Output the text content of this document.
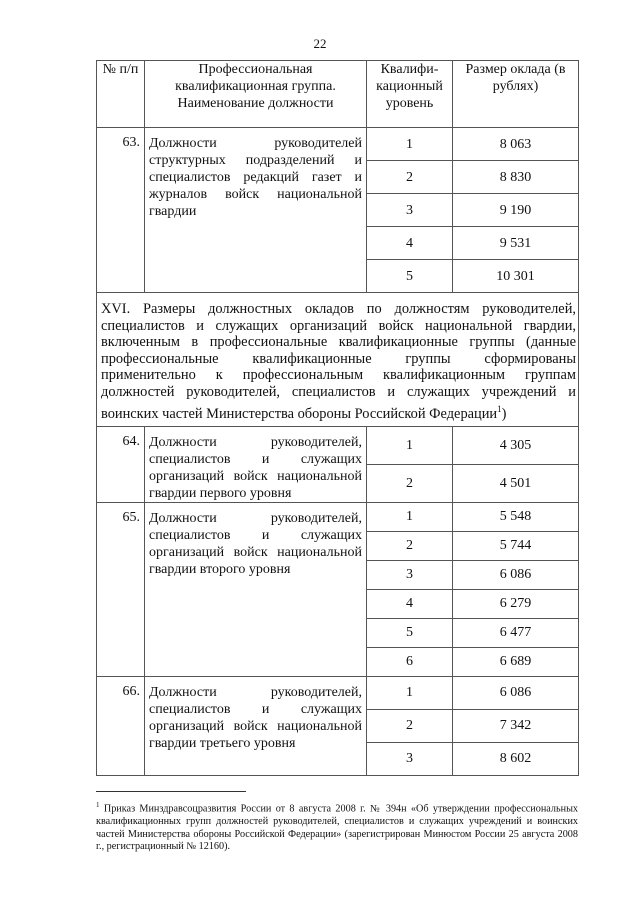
22
№ п/п	Профессиональная квалификационная группа. Наименование должности	Квалифи-кационный уровень	Размер оклада (в рублях)
63.	Должности руководителей структурных подразделений и специалистов редакций газет и журналов войск национальной гвардии	1	8 063
		2	8 830
		3	9 190
		4	9 531
		5	10 301
XVI. Размеры должностных окладов по должностям руководителей, специалистов и служащих организаций войск национальной гвардии, включенным в профессиональные квалификационные группы (данные профессиональные квалификационные группы сформированы применительно к профессиональным квалификационным группам должностей руководителей, специалистов и служащих учреждений и воинских частей Министерства обороны Российской Федерации$^1$)			
64.	Должности руководителей, специалистов и служащих организаций войск национальной гвардии первого уровня	1	4 305
		2	4 501
65.	Должности руководителей, специалистов и служащих организаций войск национальной гвардии второго уровня	1	5 548
		2	5 744
		3	6 086
		4	6 279
		5	6 477
		6	6 689
66.	Должности руководителей, специалистов и служащих организаций войск национальной гвардии третьего уровня	1	6 086
		2	7 342
		3	8 602
$^1$ Приказ Минздравсоцразвития России от 8 августа 2008 г. № 394н «Об утверждении профессиональных квалификационных групп должностей руководителей, специалистов и служащих учреждений и воинских частей Министерства обороны Российской Федерации» (зарегистрирован Минюстом России 25 августа 2008 г., регистрационный № 12160).
